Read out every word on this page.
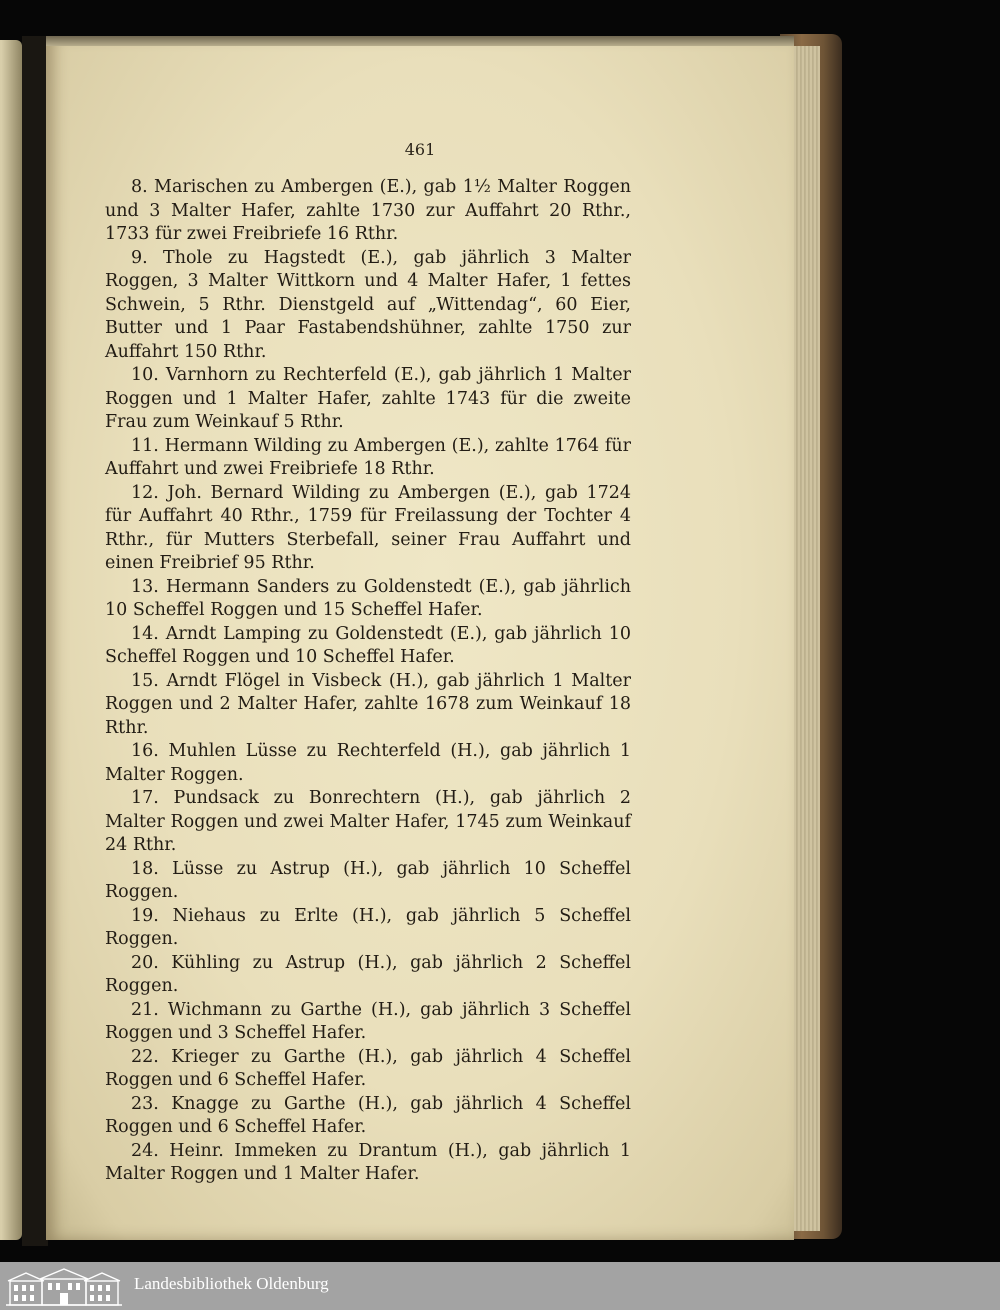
461

8. Marischen zu Ambergen (E.), gab 1½ Malter Roggen und 3 Malter Hafer, zahlte 1730 zur Auffahrt 20 Rthr., 1733 für zwei Freibriefe 16 Rthr.

9. Thole zu Hagstedt (E.), gab jährlich 3 Malter Roggen, 3 Malter Wittkorn und 4 Malter Hafer, 1 fettes Schwein, 5 Rthr. Dienstgeld auf „Wittendag“, 60 Eier, Butter und 1 Paar Fastabendshühner, zahlte 1750 zur Auffahrt 150 Rthr.

10. Varnhorn zu Rechterfeld (E.), gab jährlich 1 Malter Roggen und 1 Malter Hafer, zahlte 1743 für die zweite Frau zum Weinkauf 5 Rthr.

11. Hermann Wilding zu Ambergen (E.), zahlte 1764 für Auffahrt und zwei Freibriefe 18 Rthr.

12. Joh. Bernard Wilding zu Ambergen (E.), gab 1724 für Auffahrt 40 Rthr., 1759 für Freilassung der Tochter 4 Rthr., für Mutters Sterbefall, seiner Frau Auffahrt und einen Freibrief 95 Rthr.

13. Hermann Sanders zu Goldenstedt (E.), gab jährlich 10 Scheffel Roggen und 15 Scheffel Hafer.

14. Arndt Lamping zu Goldenstedt (E.), gab jährlich 10 Scheffel Roggen und 10 Scheffel Hafer.

15. Arndt Flögel in Visbeck (H.), gab jährlich 1 Malter Roggen und 2 Malter Hafer, zahlte 1678 zum Weinkauf 18 Rthr.

16. Muhlen Lüsse zu Rechterfeld (H.), gab jährlich 1 Malter Roggen.

17. Pundsack zu Bonrechtern (H.), gab jährlich 2 Malter Roggen und zwei Malter Hafer, 1745 zum Weinkauf 24 Rthr.

18. Lüsse zu Astrup (H.), gab jährlich 10 Scheffel Roggen.

19. Niehaus zu Erlte (H.), gab jährlich 5 Scheffel Roggen.

20. Kühling zu Astrup (H.), gab jährlich 2 Scheffel Roggen.

21. Wichmann zu Garthe (H.), gab jährlich 3 Scheffel Roggen und 3 Scheffel Hafer.

22. Krieger zu Garthe (H.), gab jährlich 4 Scheffel Roggen und 6 Scheffel Hafer.

23. Knagge zu Garthe (H.), gab jährlich 4 Scheffel Roggen und 6 Scheffel Hafer.

24. Heinr. Immeken zu Drantum (H.), gab jährlich 1 Malter Roggen und 1 Malter Hafer.

Landesbibliothek Oldenburg
